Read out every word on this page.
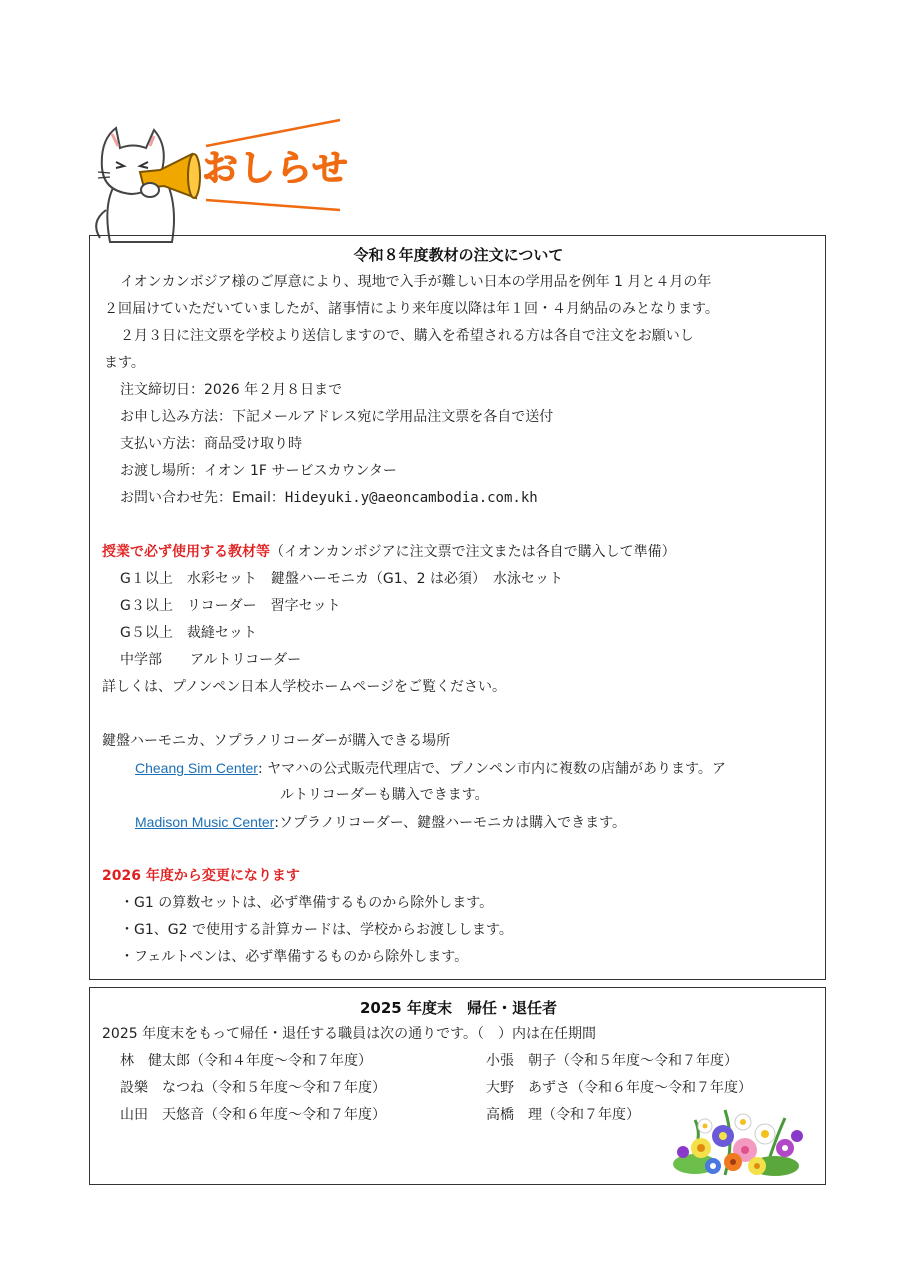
おしらせ
令和８年度教材の注文について
イオンカンボジア様のご厚意により、現地で入手が難しい日本の学用品を例年 1 月と４月の年
２回届けていただいていましたが、諸事情により来年度以降は年１回・４月納品のみとなります。
２月３日に注文票を学校より送信しますので、購入を希望される方は各自で注文をお願いし
ます。
注文締切日：2026 年２月８日まで
お申し込み方法：下記メールアドレス宛に学用品注文票を各自で送付
支払い方法：商品受け取り時
お渡し場所：イオン 1F サービスカウンター
お問い合わせ先：Email：Hideyuki.y@aeoncambodia.com.kh
授業で必ず使用する教材等（イオンカンボジアに注文票で注文または各自で購入して準備）
G１以上　水彩セット　鍵盤ハーモニカ（G1、2 は必須）　水泳セット
G３以上　リコーダー　習字セット
G５以上　裁縫セット
中学部　　アルトリコーダー
詳しくは、プノンペン日本人学校ホームページをご覧ください。
鍵盤ハーモニカ、ソプラノリコーダーが購入できる場所
Cheang Sim Center: ヤマハの公式販売代理店で、プノンペン市内に複数の店舗があります。ア
ルトリコーダーも購入できます。
Madison Music Center:ソプラノリコーダー、鍵盤ハーモニカは購入できます。
2026 年度から変更になります
・G1 の算数セットは、必ず準備するものから除外します。
・G1、G2 で使用する計算カードは、学校からお渡しします。
・フェルトペンは、必ず準備するものから除外します。
2025 年度末　帰任・退任者
2025 年度末をもって帰任・退任する職員は次の通りです。（　）内は在任期間
林　健太郎（令和４年度～令和７年度）
設樂　なつね（令和５年度～令和７年度）
山田　天悠音（令和６年度～令和７年度）
小張　朝子（令和５年度～令和７年度）
大野　あずさ（令和６年度～令和７年度）
高橋　理（令和７年度）
